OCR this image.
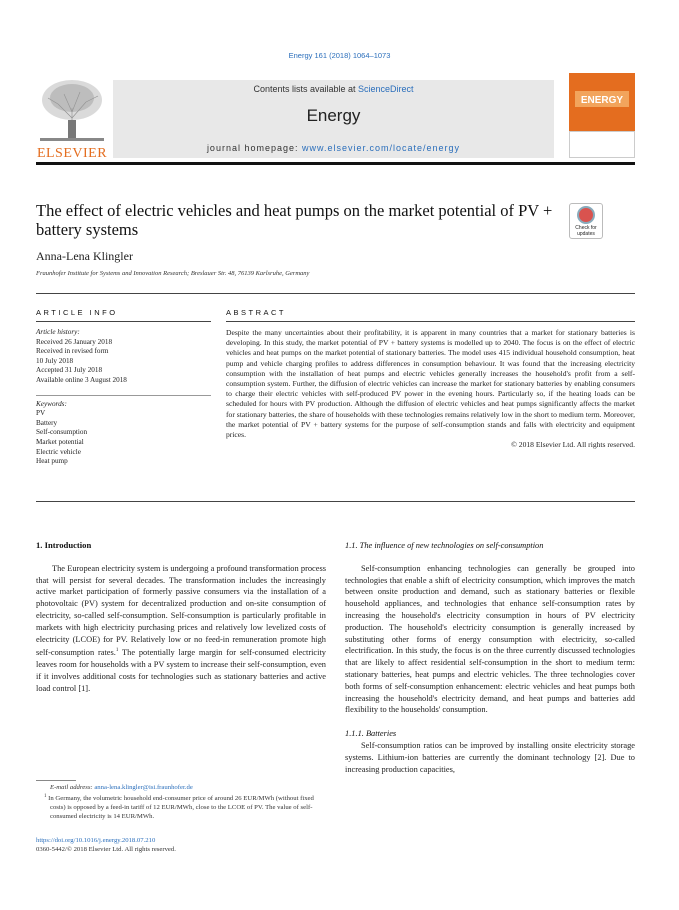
Energy 161 (2018) 1064–1073
ELSEVIER
Contents lists available at ScienceDirect
Energy
journal homepage: www.elsevier.com/locate/energy
ENERGY
The effect of electric vehicles and heat pumps on the market potential of PV + battery systems	Check for updates
Anna-Lena Klingler
Fraunhofer Institute for Systems and Innovation Research; Breslauer Str. 48, 76139 Karlsruhe, Germany
ARTICLE INFO
Article history:
Received 26 January 2018
Received in revised form
10 July 2018
Accepted 31 July 2018
Available online 3 August 2018
Keywords:
PV
Battery
Self-consumption
Market potential
Electric vehicle
Heat pump
ABSTRACT
Despite the many uncertainties about their profitability, it is apparent in many countries that a market for stationary batteries is developing. In this study, the market potential of PV + battery systems is modelled up to 2040. The focus is on the effect of electric vehicles and heat pumps on the market potential of stationary batteries. The model uses 415 individual household consumption, heat pump and vehicle charging profiles to address differences in consumption behaviour. It was found that the increasing electricity consumption with the installation of heat pumps and electric vehicles generally increases the household's profit from a self-consumption system. Further, the diffusion of electric vehicles can increase the market for stationary batteries by enabling consumers to charge their electric vehicles with self-produced PV power in the evening hours. Particularly so, if the heating loads can be scheduled for hours with PV production. Although the diffusion of electric vehicles and heat pumps significantly affects the market for stationary batteries, the share of households with these technologies remains relatively low in the short to medium term. Moreover, the market potential of PV + battery systems for the purpose of self-consumption stands and falls with electricity and equipment prices.
© 2018 Elsevier Ltd. All rights reserved.
1. Introduction
The European electricity system is undergoing a profound transformation process that will persist for several decades. The transformation includes the increasingly active market participation of formerly passive consumers via the installation of a photovoltaic (PV) system for decentralized production and on-site consumption of electricity, so-called self-consumption. Self-consumption is particularly profitable in markets with high electricity purchasing prices and relatively low levelized costs of electricity (LCOE) for PV. Relatively low or no feed-in remuneration promote high self-consumption rates.$^1$ The potentially large margin for self-consumed electricity leaves room for households with a PV system to increase their self-consumption, even if it involves additional costs for technologies such as stationary batteries and active load control [1].
1.1. The influence of new technologies on self-consumption
Self-consumption enhancing technologies can generally be grouped into technologies that enable a shift of electricity consumption, which improves the match between onsite production and demand, such as stationary batteries or flexible household appliances, and technologies that enhance self-consumption rates by increasing the household's electricity consumption in hours of PV electricity production. The household's electricity consumption is generally increased by substituting other forms of energy consumption with electricity, so-called electrification. In this study, the focus is on the three currently discussed technologies that are likely to affect residential self-consumption in the short to medium term: stationary batteries, heat pumps and electric vehicles. The three technologies cover both forms of self-consumption enhancement: electric vehicles and heat pumps both increasing the household's electricity demand, and heat pumps and batteries add flexibility to the households' consumption.
1.1.1. Batteries
Self-consumption ratios can be improved by installing onsite electricity storage systems. Lithium-ion batteries are currently the dominant technology [2]. Due to increasing production capacities,
E-mail address: anna-lena.klingler@isi.fraunhofer.de
$^1$ In Germany, the volumetric household end-consumer price of around 26 EUR/MWh (without fixed costs) is opposed by a feed-in tariff of 12 EUR/MWh, close to the LCOE of PV. The value of self-consumed electricity is 14 EUR/MWh.
https://doi.org/10.1016/j.energy.2018.07.210
0360-5442/© 2018 Elsevier Ltd. All rights reserved.
